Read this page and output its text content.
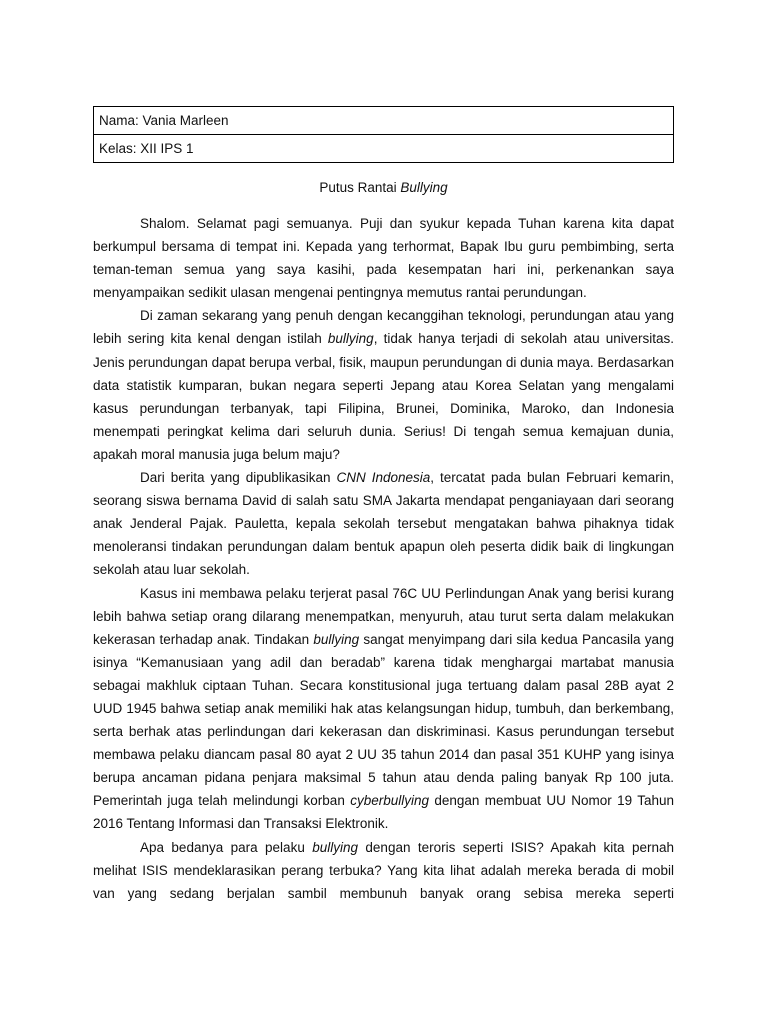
Nama: Vania Marleen
Kelas: XII IPS 1
Putus Rantai Bullying

Shalom. Selamat pagi semuanya. Puji dan syukur kepada Tuhan karena kita dapat berkumpul bersama di tempat ini. Kepada yang terhormat, Bapak Ibu guru pembimbing, serta teman-teman semua yang saya kasihi, pada kesempatan hari ini, perkenankan saya menyampaikan sedikit ulasan mengenai pentingnya memutus rantai perundungan.

Di zaman sekarang yang penuh dengan kecanggihan teknologi, perundungan atau yang lebih sering kita kenal dengan istilah bullying, tidak hanya terjadi di sekolah atau universitas. Jenis perundungan dapat berupa verbal, fisik, maupun perundungan di dunia maya. Berdasarkan data statistik kumparan, bukan negara seperti Jepang atau Korea Selatan yang mengalami kasus perundungan terbanyak, tapi Filipina, Brunei, Dominika, Maroko, dan Indonesia menempati peringkat kelima dari seluruh dunia. Serius! Di tengah semua kemajuan dunia, apakah moral manusia juga belum maju?

Dari berita yang dipublikasikan CNN Indonesia, tercatat pada bulan Februari kemarin, seorang siswa bernama David di salah satu SMA Jakarta mendapat penganiayaan dari seorang anak Jenderal Pajak. Pauletta, kepala sekolah tersebut mengatakan bahwa pihaknya tidak menoleransi tindakan perundungan dalam bentuk apapun oleh peserta didik baik di lingkungan sekolah atau luar sekolah.

Kasus ini membawa pelaku terjerat pasal 76C UU Perlindungan Anak yang berisi kurang lebih bahwa setiap orang dilarang menempatkan, menyuruh, atau turut serta dalam melakukan kekerasan terhadap anak. Tindakan bullying sangat menyimpang dari sila kedua Pancasila yang isinya “Kemanusiaan yang adil dan beradab” karena tidak menghargai martabat manusia sebagai makhluk ciptaan Tuhan. Secara konstitusional juga tertuang dalam pasal 28B ayat 2 UUD 1945 bahwa setiap anak memiliki hak atas kelangsungan hidup, tumbuh, dan berkembang, serta berhak atas perlindungan dari kekerasan dan diskriminasi. Kasus perundungan tersebut membawa pelaku diancam pasal 80 ayat 2 UU 35 tahun 2014 dan pasal 351 KUHP yang isinya berupa ancaman pidana penjara maksimal 5 tahun atau denda paling banyak Rp 100 juta. Pemerintah juga telah melindungi korban cyberbullying dengan membuat UU Nomor 19 Tahun 2016 Tentang Informasi dan Transaksi Elektronik.

Apa bedanya para pelaku bullying dengan teroris seperti ISIS? Apakah kita pernah melihat ISIS mendeklarasikan perang terbuka? Yang kita lihat adalah mereka berada di mobil van yang sedang berjalan sambil membunuh banyak orang sebisa mereka seperti
